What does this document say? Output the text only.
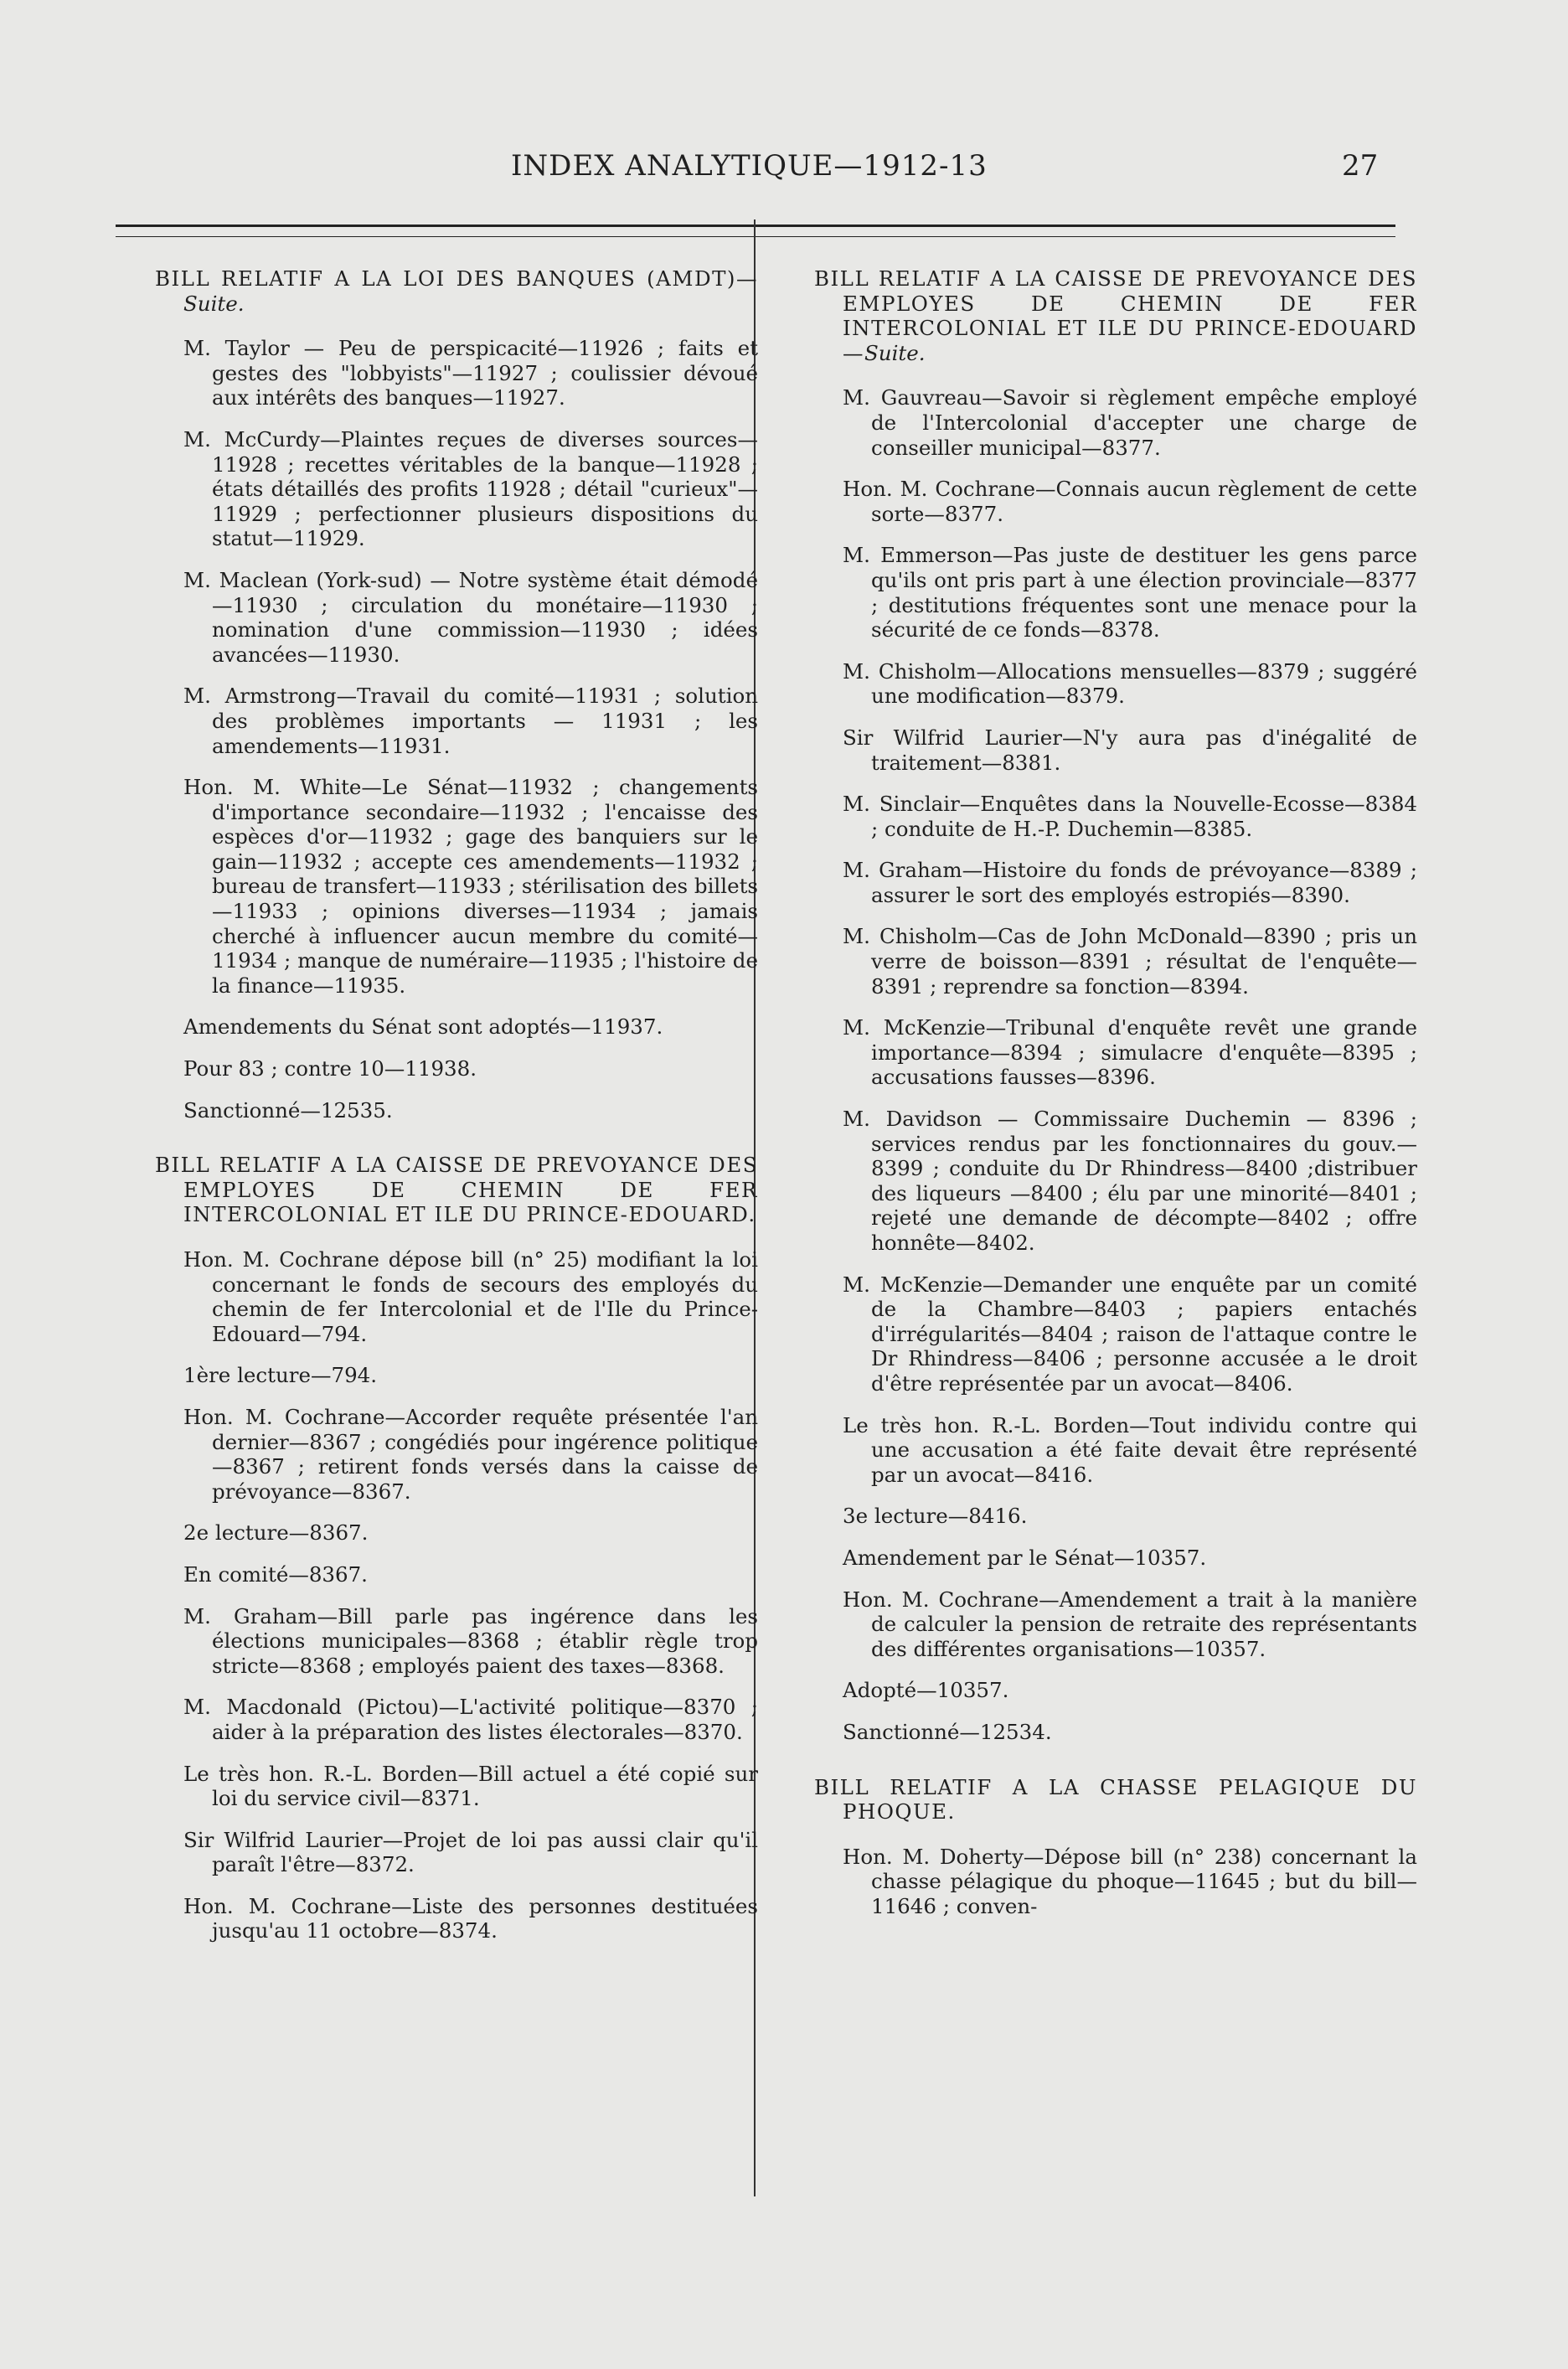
INDEX ANALYTIQUE—1912-13	27
BILL RELATIF A LA LOI DES BANQUES (AMDT)—Suite.
M. Taylor — Peu de perspicacité—11926 ; faits et gestes des "lobbyists"—11927 ; coulissier dévoué aux intérêts des banques—11927.
M. McCurdy—Plaintes reçues de diverses sources—11928 ; recettes véritables de la banque—11928 ; états détaillés des profits 11928 ; détail "curieux"—11929 ; perfectionner plusieurs dispositions du statut—11929.
M. Maclean (York-sud) — Notre système était démodé—11930 ; circulation du monétaire—11930 ; nomination d'une commission—11930 ; idées avancées—11930.
M. Armstrong—Travail du comité—11931 ; solution des problèmes importants — 11931 ; les amendements—11931.
Hon. M. White—Le Sénat—11932 ; changements d'importance secondaire—11932 ; l'encaisse des espèces d'or—11932 ; gage des banquiers sur le gain—11932 ; accepte ces amendements—11932 ; bureau de transfert—11933 ; stérilisation des billets—11933 ; opinions diverses—11934 ; jamais cherché à influencer aucun membre du comité—11934 ; manque de numéraire—11935 ; l'histoire de la finance—11935.
Amendements du Sénat sont adoptés—11937.
Pour 83 ; contre 10—11938.
Sanctionné—12535.
BILL RELATIF A LA CAISSE DE PREVOYANCE DES EMPLOYES DE CHEMIN DE FER INTERCOLONIAL ET ILE DU PRINCE-EDOUARD.
Hon. M. Cochrane dépose bill (n° 25) modifiant la loi concernant le fonds de secours des employés du chemin de fer Intercolonial et de l'Ile du Prince-Edouard—794.
1ère lecture—794.
Hon. M. Cochrane—Accorder requête présentée l'an dernier—8367 ; congédiés pour ingérence politique—8367 ; retirent fonds versés dans la caisse de prévoyance—8367.
2e lecture—8367.
En comité—8367.
M. Graham—Bill parle pas ingérence dans les élections municipales—8368 ; établir règle trop stricte—8368 ; employés paient des taxes—8368.
M. Macdonald (Pictou)—L'activité politique—8370 ; aider à la préparation des listes électorales—8370.
Le très hon. R.-L. Borden—Bill actuel a été copié sur loi du service civil—8371.
Sir Wilfrid Laurier—Projet de loi pas aussi clair qu'il paraît l'être—8372.
Hon. M. Cochrane—Liste des personnes destituées jusqu'au 11 octobre—8374.
BILL RELATIF A LA CAISSE DE PREVOYANCE DES EMPLOYES DE CHEMIN DE FER INTERCOLONIAL ET ILE DU PRINCE-EDOUARD—Suite.
M. Gauvreau—Savoir si règlement empêche employé de l'Intercolonial d'accepter une charge de conseiller municipal—8377.
Hon. M. Cochrane—Connais aucun règlement de cette sorte—8377.
M. Emmerson—Pas juste de destituer les gens parce qu'ils ont pris part à une élection provinciale—8377 ; destitutions fréquentes sont une menace pour la sécurité de ce fonds—8378.
M. Chisholm—Allocations mensuelles—8379 ; suggéré une modification—8379.
Sir Wilfrid Laurier—N'y aura pas d'inégalité de traitement—8381.
M. Sinclair—Enquêtes dans la Nouvelle-Ecosse—8384 ; conduite de H.-P. Duchemin—8385.
M. Graham—Histoire du fonds de prévoyance—8389 ; assurer le sort des employés estropiés—8390.
M. Chisholm—Cas de John McDonald—8390 ; pris un verre de boisson—8391 ; résultat de l'enquête—8391 ; reprendre sa fonction—8394.
M. McKenzie—Tribunal d'enquête revêt une grande importance—8394 ; simulacre d'enquête—8395 ; accusations fausses—8396.
M. Davidson — Commissaire Duchemin — 8396 ; services rendus par les fonctionnaires du gouv.—8399 ; conduite du Dr Rhindress—8400 ;distribuer des liqueurs —8400 ; élu par une minorité—8401 ; rejeté une demande de décompte—8402 ; offre honnête—8402.
M. McKenzie—Demander une enquête par un comité de la Chambre—8403 ; papiers entachés d'irrégularités—8404 ; raison de l'attaque contre le Dr Rhindress—8406 ; personne accusée a le droit d'être représentée par un avocat—8406.
Le très hon. R.-L. Borden—Tout individu contre qui une accusation a été faite devait être représenté par un avocat—8416.
3e lecture—8416.
Amendement par le Sénat—10357.
Hon. M. Cochrane—Amendement a trait à la manière de calculer la pension de retraite des représentants des différentes organisations—10357.
Adopté—10357.
Sanctionné—12534.
BILL RELATIF A LA CHASSE PELAGIQUE DU PHOQUE.
Hon. M. Doherty—Dépose bill (n° 238) concernant la chasse pélagique du phoque—11645 ; but du bill—11646 ; conven-
